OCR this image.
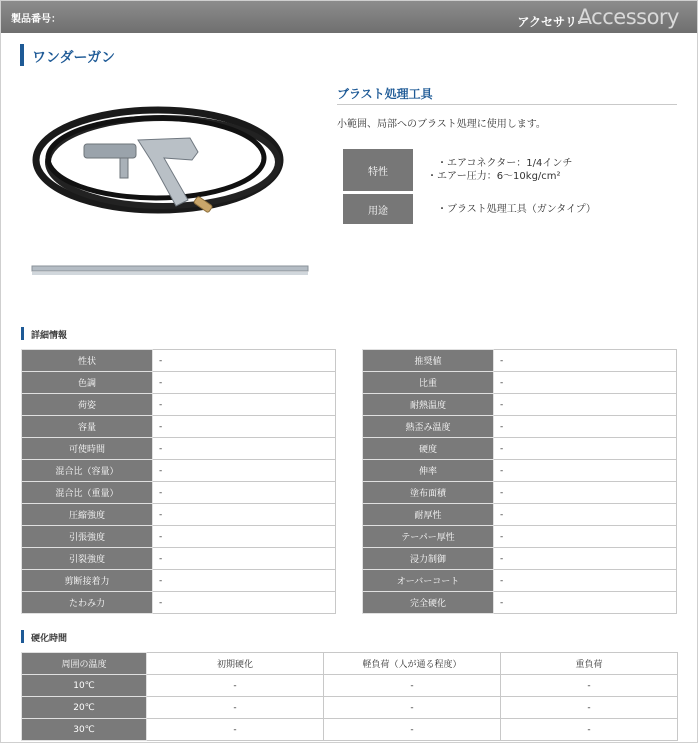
製品番号：	アクセサリー
Accessory
ワンダーガン
ブラスト処理工具
小範囲、局部へのブラスト処理に使用します。
特性	・エアコネクター：1/4インチ
・エアー圧力：6～10kg/cm²

用途	・ブラスト処理工具（ガンタイプ）
詳細情報
性状	-
色調	-
荷姿	-
容量	-
可使時間	-
混合比（容量）	-
混合比（重量）	-
圧縮強度	-
引張強度	-
引裂強度	-
剪断接着力	-
たわみ力	-
推奨値	-
比重	-
耐熱温度	-
熱歪み温度	-
硬度	-
伸率	-
塗布面積	-
耐厚性	-
テーパー厚性	-
浸力制御	-
オーバーコート	-
完全硬化	-
硬化時間
周囲の温度	初期硬化	軽負荷（人が通る程度）	重負荷
10℃	-	-	-
20℃	-	-	-
30℃	-	-	-
